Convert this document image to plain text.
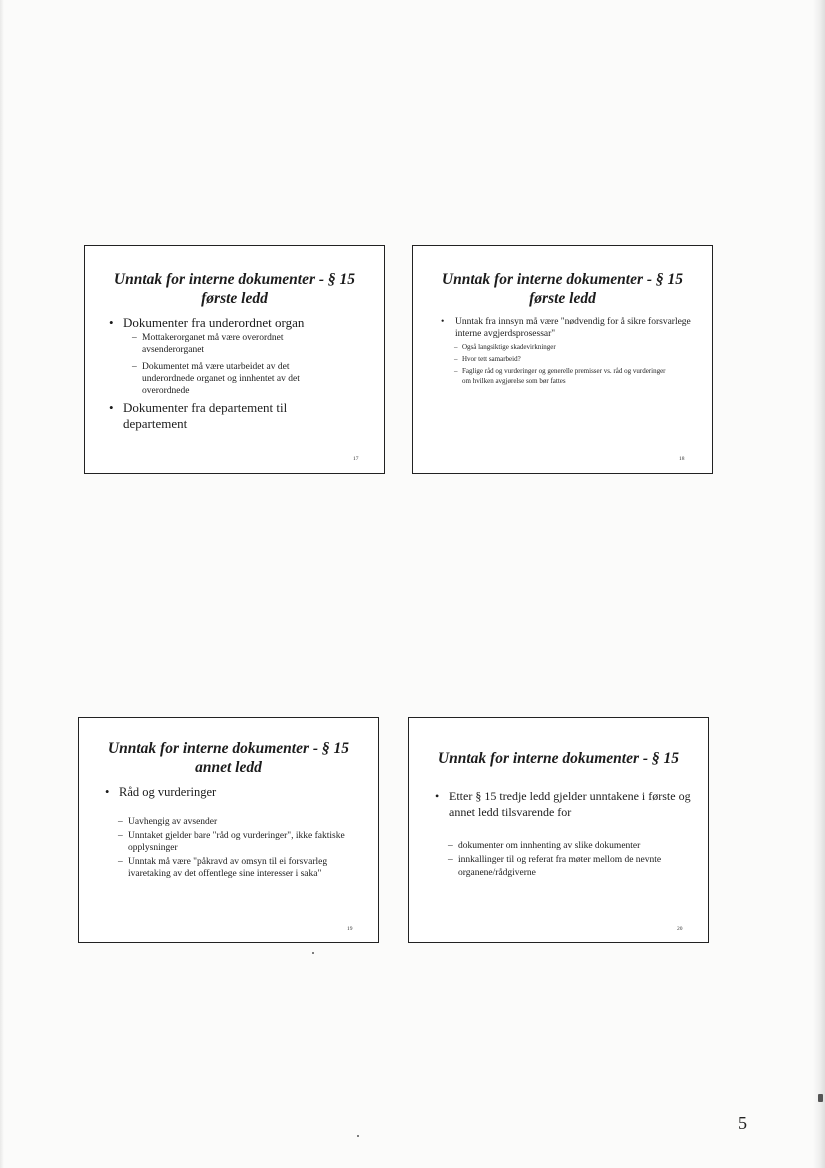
Unntak for interne dokumenter - § 15

første ledd

• Dokumenter fra underordnet organ
– Mottakerorganet må være overordnet avsenderorganet
– Dokumentet må være utarbeidet av det underordnede organet og innhentet av det overordnede
• Dokumenter fra departement til departement
17

Unntak for interne dokumenter - § 15

første ledd

• Unntak fra innsyn må være "nødvendig for å sikre forsvarlege interne avgjerdsprosessar"
– Også langsiktige skadevirkninger
– Hvor tett samarbeid?
– Faglige råd og vurderinger og generelle premisser vs. råd og vurderinger om hvilken avgjørelse som bør fattes
18

Unntak for interne dokumenter - § 15

annet ledd

• Råd og vurderinger
– Uavhengig av avsender
– Unntaket gjelder bare "råd og vurderinger", ikke faktiske opplysninger
– Unntak må være "påkravd av omsyn til ei forsvarleg ivaretaking av det offentlege sine interesser i saka"
19

Unntak for interne dokumenter - § 15

• Etter § 15 tredje ledd gjelder unntakene i første og annet ledd tilsvarende for
– dokumenter om innhenting av slike dokumenter
– innkallinger til og referat fra møter mellom de nevnte organene/rådgiverne
20
5
